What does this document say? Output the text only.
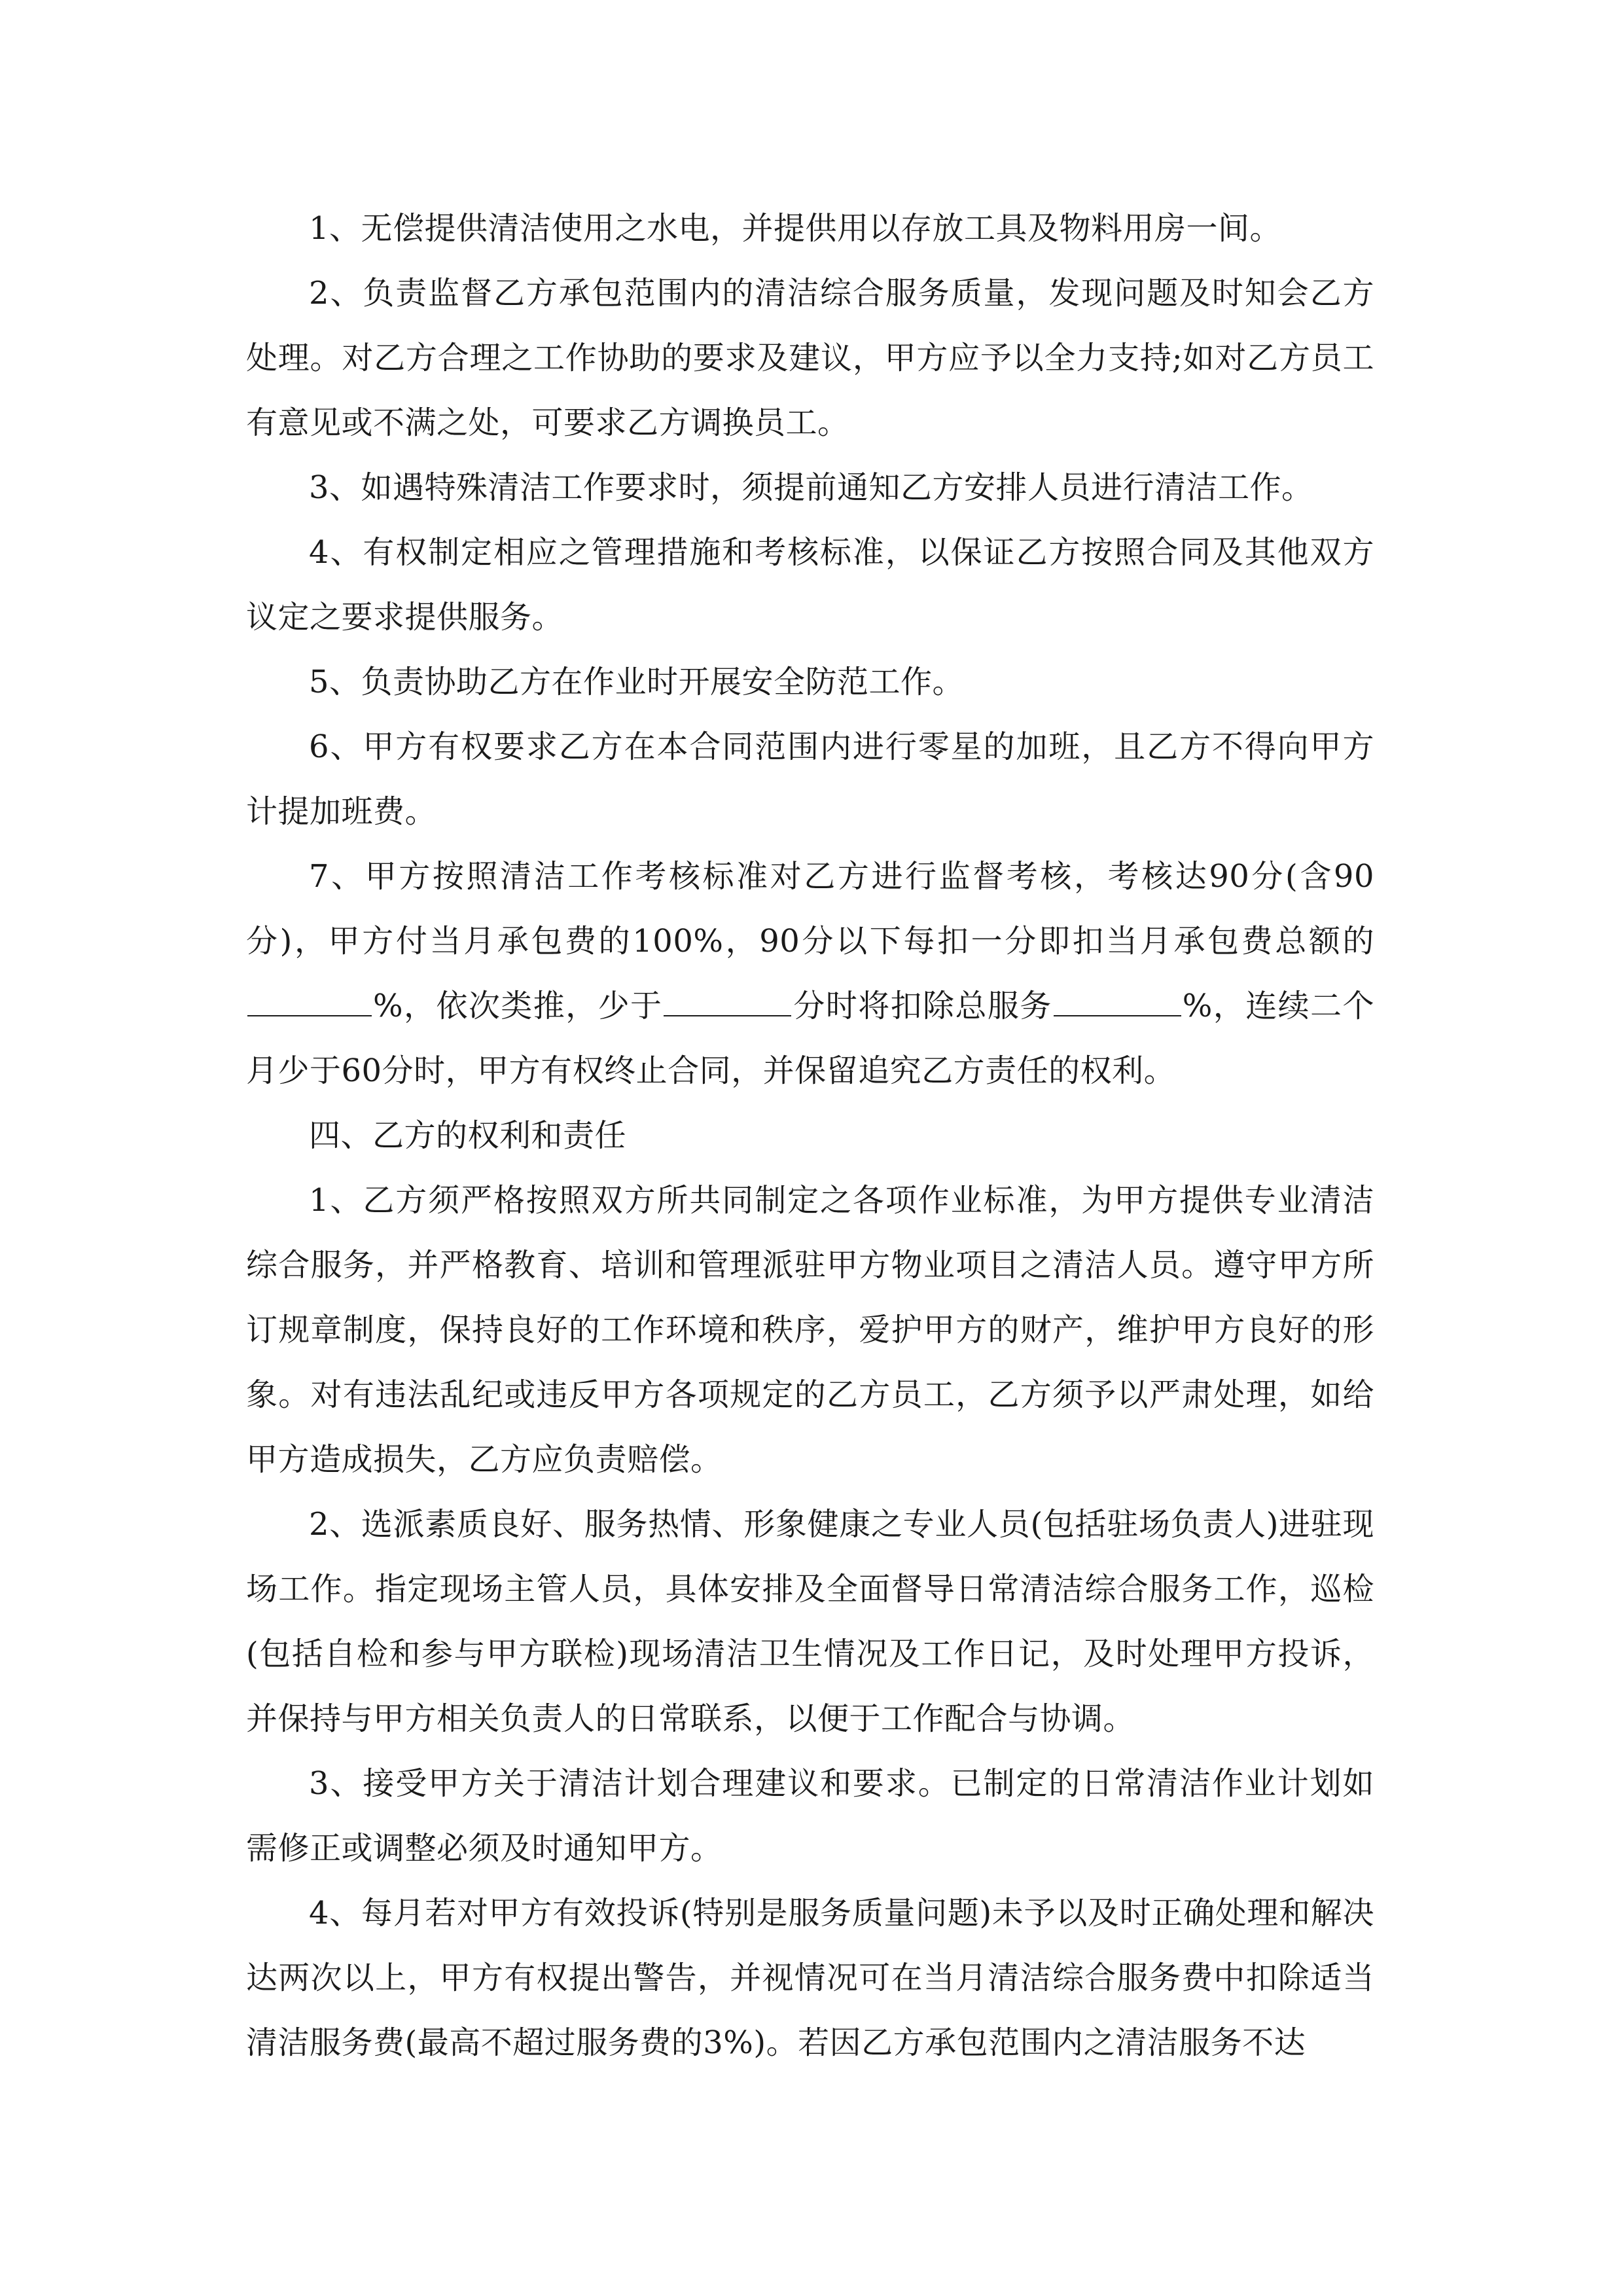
1、无偿提供清洁使用之水电，并提供用以存放工具及物料用房一间。

2、负责监督乙方承包范围内的清洁综合服务质量，发现问题及时知会乙方处理。对乙方合理之工作协助的要求及建议，甲方应予以全力支持;如对乙方员工有意见或不满之处，可要求乙方调换员工。

3、如遇特殊清洁工作要求时，须提前通知乙方安排人员进行清洁工作。

4、有权制定相应之管理措施和考核标准，以保证乙方按照合同及其他双方议定之要求提供服务。

5、负责协助乙方在作业时开展安全防范工作。

6、甲方有权要求乙方在本合同范围内进行零星的加班，且乙方不得向甲方计提加班费。

7、甲方按照清洁工作考核标准对乙方进行监督考核，考核达90分(含90分)，甲方付当月承包费的100%，90分以下每扣一分即扣当月承包费总额的%，依次类推，少于	分时将扣除总服务	%，连续二个月少于60分时，甲方有权终止合同，并保留追究乙方责任的权利。

四、乙方的权利和责任

1、乙方须严格按照双方所共同制定之各项作业标准，为甲方提供专业清洁综合服务，并严格教育、培训和管理派驻甲方物业项目之清洁人员。遵守甲方所订规章制度，保持良好的工作环境和秩序，爱护甲方的财产，维护甲方良好的形象。对有违法乱纪或违反甲方各项规定的乙方员工，乙方须予以严肃处理，如给甲方造成损失，乙方应负责赔偿。

2、选派素质良好、服务热情、形象健康之专业人员(包括驻场负责人)进驻现场工作。指定现场主管人员，具体安排及全面督导日常清洁综合服务工作，巡检(包括自检和参与甲方联检)现场清洁卫生情况及工作日记，及时处理甲方投诉，并保持与甲方相关负责人的日常联系，以便于工作配合与协调。

3、接受甲方关于清洁计划合理建议和要求。已制定的日常清洁作业计划如需修正或调整必须及时通知甲方。

4、每月若对甲方有效投诉(特别是服务质量问题)未予以及时正确处理和解决达两次以上，甲方有权提出警告，并视情况可在当月清洁综合服务费中扣除适当清洁服务费(最高不超过服务费的3%)。若因乙方承包范围内之清洁服务不达
